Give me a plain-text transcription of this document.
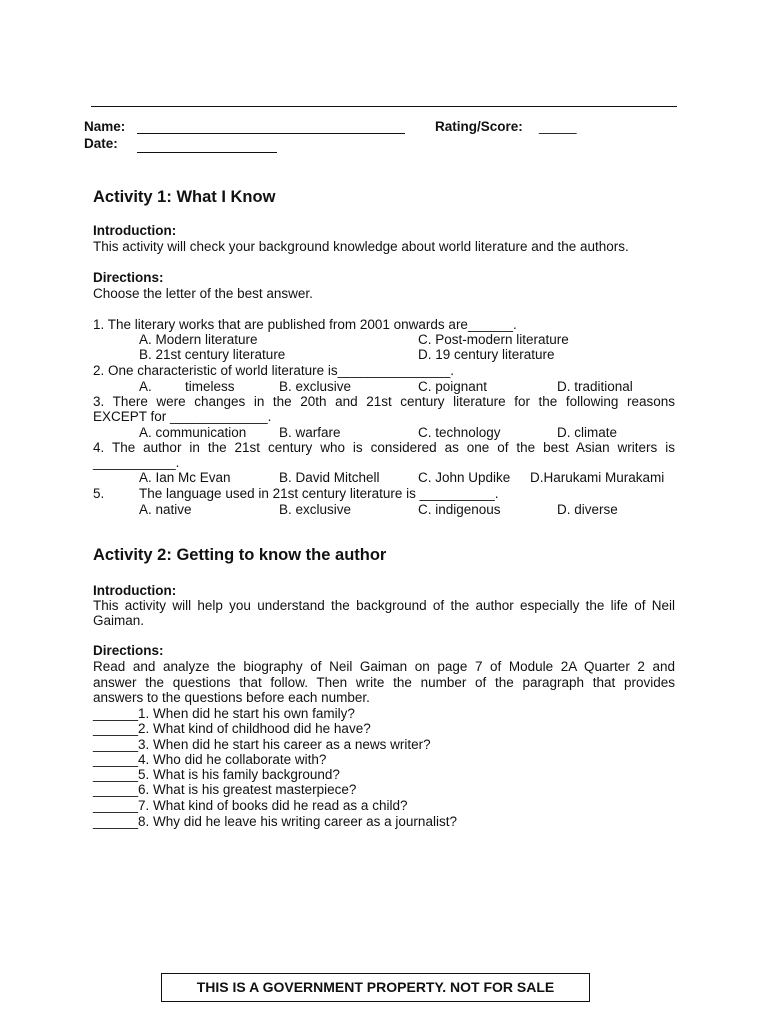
Name:	Rating/Score: _____
Date:
Activity 1: What I Know
Introduction:
This activity will check your background knowledge about world literature and the authors.
Directions:
Choose the letter of the best answer.
1. The literary works that are published from 2001 onwards are______.
A. Modern literature	C. Post-modern literature
B. 21st century literature	D. 19 century literature
2. One characteristic of world literature is_______________.
A. timeless	B. exclusive	C. poignant	D. traditional
3. There were changes in the 20th and 21st century literature for the following reasons
EXCEPT for _____________.
A. communication B. warfare	C. technology	D. climate
4. The author in the 21st century who is considered as one of the best Asian writers is
___________.
A. Ian Mc Evan	B. David Mitchell	C. John Updike D.Harukami Murakami
5.	The language used in 21st century literature is __________.
A. native	B. exclusive	C. indigenous	D. diverse
Activity 2: Getting to know the author
Introduction:
This activity will help you understand the background of the author especially the life of Neil
Gaiman.
Directions:
Read and analyze the biography of Neil Gaiman on page 7 of Module 2A Quarter 2 and
answer the questions that follow. Then write the number of the paragraph that provides
answers to the questions before each number.
______1. When did he start his own family?
______2. What kind of childhood did he have?
______3. When did he start his career as a news writer?
______4. Who did he collaborate with?
______5. What is his family background?
______6. What is his greatest masterpiece?
______7. What kind of books did he read as a child?
______8. Why did he leave his writing career as a journalist?
THIS IS A GOVERNMENT PROPERTY. NOT FOR SALE
